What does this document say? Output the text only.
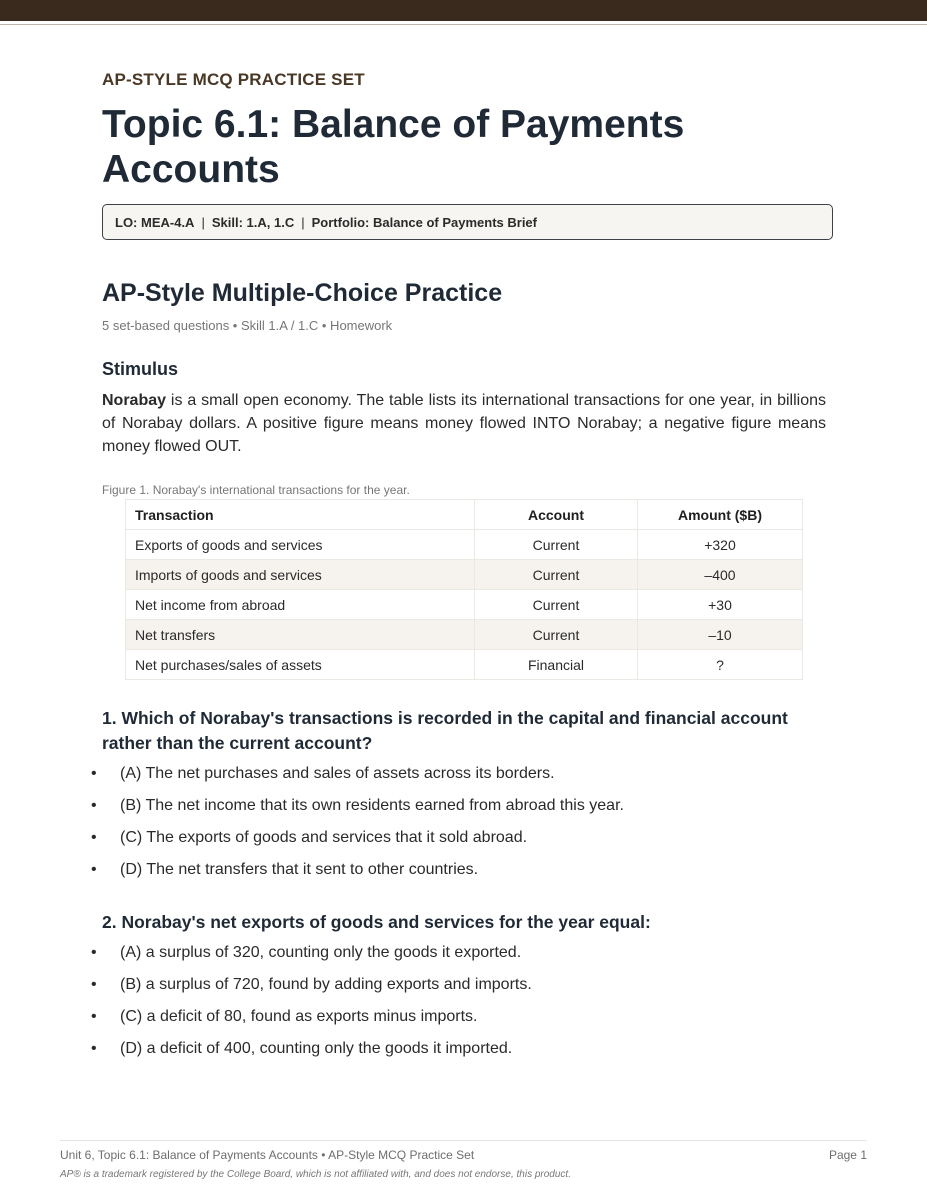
AP-STYLE MCQ PRACTICE SET
Topic 6.1: Balance of Payments
Accounts
LO: MEA-4.A | Skill: 1.A, 1.C | Portfolio: Balance of Payments Brief
AP-Style Multiple-Choice Practice
5 set-based questions • Skill 1.A / 1.C • Homework
Stimulus

Norabay is a small open economy. The table lists its international transactions for one year, in billions of Norabay dollars. A positive figure means money flowed INTO Norabay; a negative figure means money flowed OUT.

Figure 1. Norabay's international transactions for the year.
Transaction	Account	Amount ($B)
Exports of goods and services	Current	+320
Imports of goods and services	Current	–400
Net income from abroad	Current	+30
Net transfers	Current	–10
Net purchases/sales of assets	Financial	?
1. Which of Norabay's transactions is recorded in the capital and financial account rather than the current account?
• (A) The net purchases and sales of assets across its borders.
• (B) The net income that its own residents earned from abroad this year.
• (C) The exports of goods and services that it sold abroad.
• (D) The net transfers that it sent to other countries.
2. Norabay's net exports of goods and services for the year equal:
• (A) a surplus of 320, counting only the goods it exported.
• (B) a surplus of 720, found by adding exports and imports.
• (C) a deficit of 80, found as exports minus imports.
• (D) a deficit of 400, counting only the goods it imported.
Unit 6, Topic 6.1: Balance of Payments Accounts • AP-Style MCQ Practice Set	Page 1
AP® is a trademark registered by the College Board, which is not affiliated with, and does not endorse, this product.
